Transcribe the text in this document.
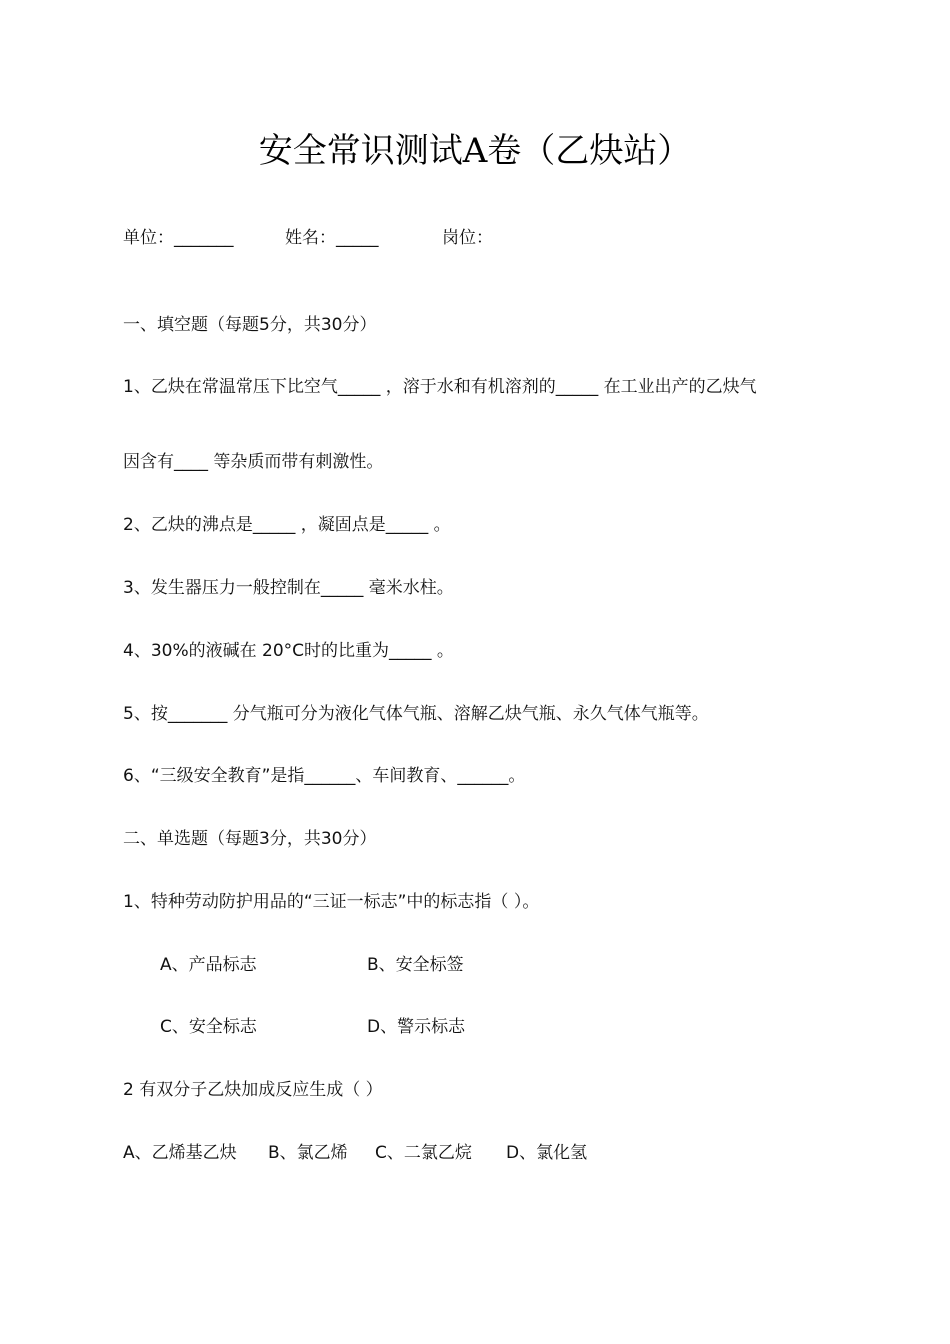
安全常识测试A卷（乙炔站）
单位：_______	姓名：_____	岗位：
一、填空题（每题5分，共30分）
1、乙炔在常温常压下比空气_____ ，溶于水和有机溶剂的_____ 在工业出产的乙炔气
因含有____ 等杂质而带有刺激性。
2、乙炔的沸点是_____ ，凝固点是_____ 。
3、发生器压力一般控制在_____ 毫米水柱。
4、30%的液碱在 20°C时的比重为_____ 。
5、按_______ 分气瓶可分为液化气体气瓶、溶解乙炔气瓶、永久气体气瓶等。
6、“三级安全教育”是指______、车间教育、______。
二、单选题（每题3分，共30分）
1、特种劳动防护用品的“三证一标志”中的标志指（ ）。
A、产品标志	B、安全标签
C、安全标志	D、警示标志
2 有双分子乙炔加成反应生成（ ）
A、乙烯基乙炔 B、氯乙烯 C、二氯乙烷 D、氯化氢
